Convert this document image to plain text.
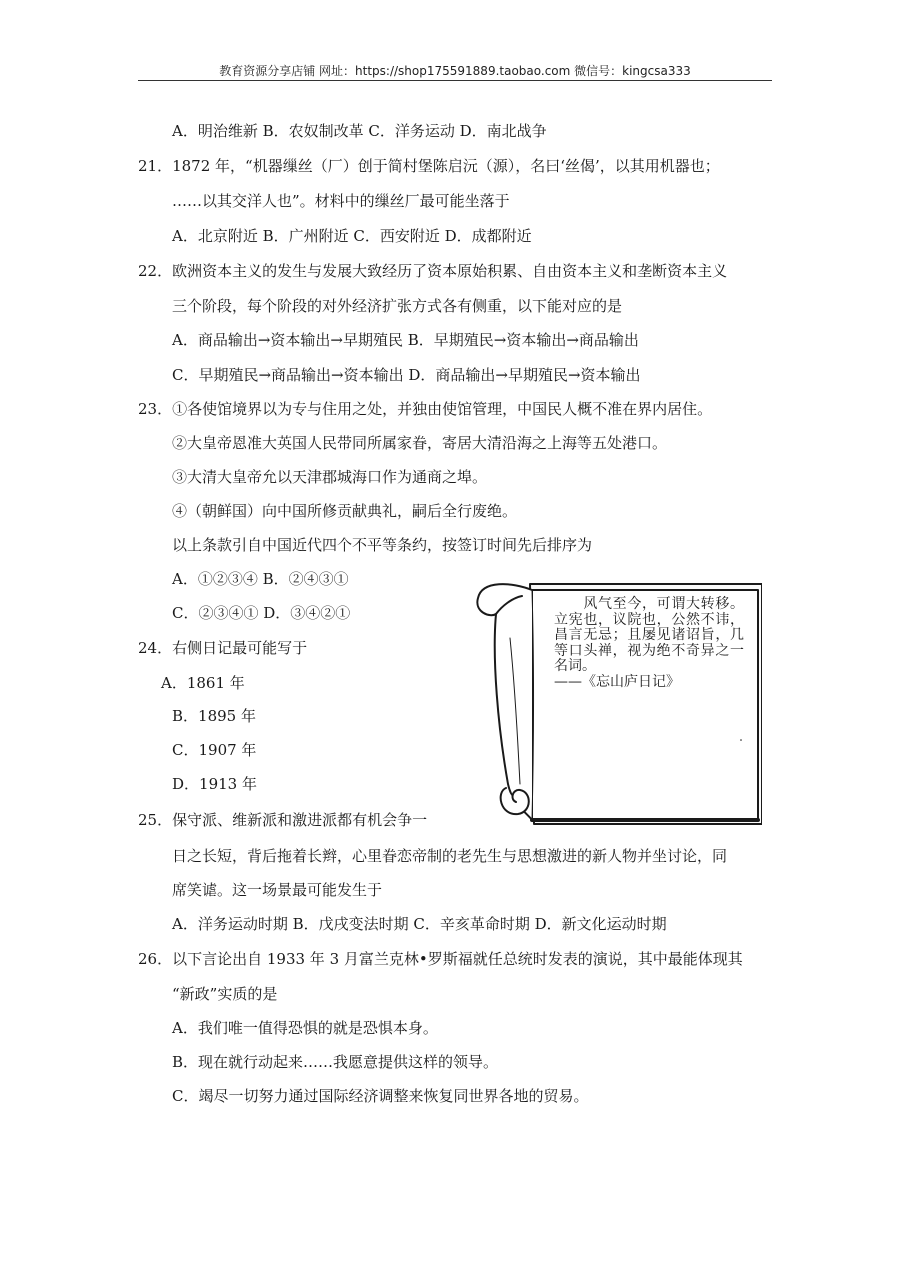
教育资源分享店铺 网址：https://shop175591889.taobao.com 微信号：kingcsa333
A．明治维新 B．农奴制改革 C．洋务运动 D．南北战争
21．1872 年，“机器缫丝（厂）创于简村堡陈启沅（源），名曰‘丝偈’，以其用机器也；
……以其交洋人也”。材料中的缫丝厂最可能坐落于
A．北京附近 B．广州附近 C．西安附近 D．成都附近
22．欧洲资本主义的发生与发展大致经历了资本原始积累、自由资本主义和垄断资本主义
三个阶段，每个阶段的对外经济扩张方式各有侧重，以下能对应的是
A．商品输出→资本输出→早期殖民 B．早期殖民→资本输出→商品输出
C．早期殖民→商品输出→资本输出 D．商品输出→早期殖民→资本输出
23．①各使馆境界以为专与住用之处，并独由使馆管理，中国民人概不准在界内居住。
②大皇帝恩准大英国人民带同所属家眷，寄居大清沿海之上海等五处港口。
③大清大皇帝允以天津郡城海口作为通商之埠。
④（朝鲜国）向中国所修贡献典礼，嗣后全行废绝。
以上条款引自中国近代四个不平等条约，按签订时间先后排序为
A．①②③④ B．②④③①
C．②③④① D．③④②①
24．右侧日记最可能写于
A．1861 年
B．1895 年
C．1907 年
D．1913 年
25．保守派、维新派和激进派都有机会争一
日之长短，背后拖着长辫，心里眷恋帝制的老先生与思想激进的新人物并坐讨论，同
席笑谑。这一场景最可能发生于
A．洋务运动时期 B．戊戌变法时期 C．辛亥革命时期 D．新文化运动时期
26．以下言论出自 1933 年 3 月富兰克林•罗斯福就任总统时发表的演说，其中最能体现其
“新政”实质的是
A．我们唯一值得恐惧的就是恐惧本身。
B．现在就行动起来……我愿意提供这样的领导。
C．竭尽一切努力通过国际经济调整来恢复同世界各地的贸易。

　　风气至今，可谓大转移。立宪也，议院也，公然不讳，昌言无忌；且屡见诸诏旨，几等口头禅，视为绝不奇异之一名词。

——《忘山庐日记》
